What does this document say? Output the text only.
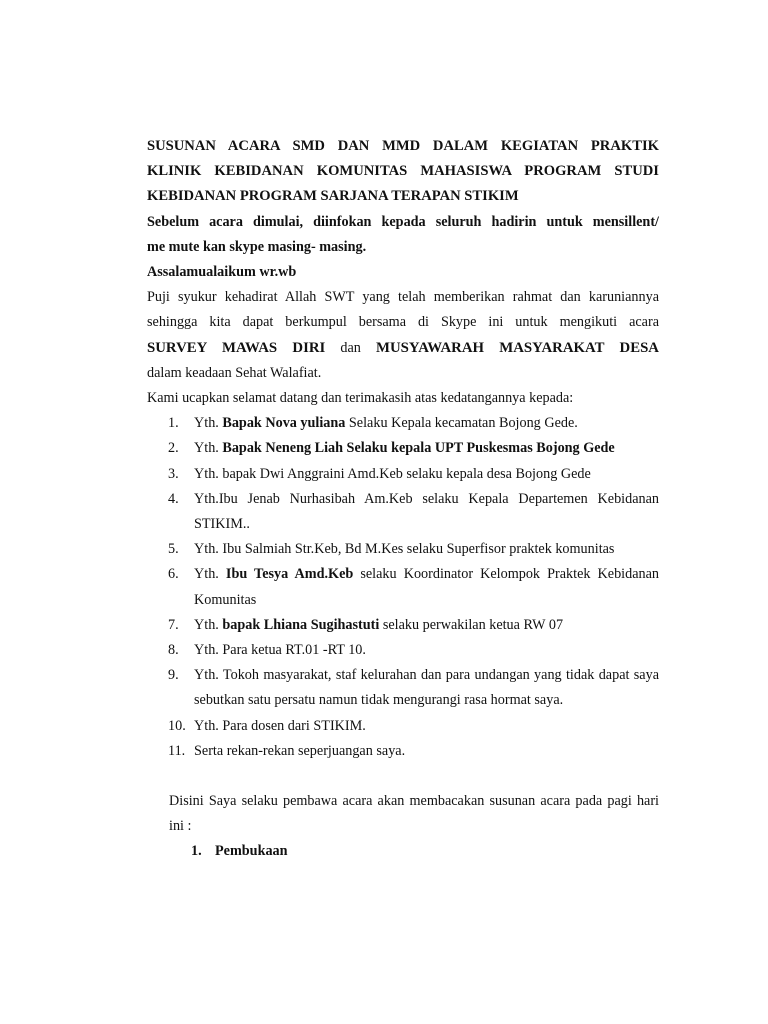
SUSUNAN ACARA SMD DAN MMD DALAM KEGIATAN PRAKTIK
KLINIK KEBIDANAN KOMUNITAS MAHASISWA PROGRAM STUDI
KEBIDANAN PROGRAM SARJANA TERAPAN STIKIM

Sebelum acara dimulai, diinfokan kepada seluruh hadirin untuk mensillent/
me mute kan skype masing- masing.

Assalamualaikum wr.wb

Puji syukur kehadirat Allah SWT yang telah memberikan rahmat dan karuniannya
sehingga kita dapat berkumpul bersama di Skype ini untuk mengikuti acara
SURVEY MAWAS DIRI dan MUSYAWARAH MASYARAKAT DESA
dalam keadaan Sehat Walafiat.

Kami ucapkan selamat datang dan terimakasih atas kedatangannya kepada:

1. Yth. Bapak Nova yuliana Selaku Kepala kecamatan Bojong Gede.
2. Yth. Bapak Neneng Liah Selaku kepala UPT Puskesmas Bojong Gede
3. Yth. bapak Dwi Anggraini Amd.Keb selaku kepala desa Bojong Gede
4. Yth.Ibu Jenab Nurhasibah Am.Keb selaku Kepala Departemen Kebidanan STIKIM..
5. Yth. Ibu Salmiah Str.Keb, Bd M.Kes selaku Superfisor praktek komunitas
6. Yth. Ibu Tesya Amd.Keb selaku Koordinator Kelompok Praktek Kebidanan Komunitas
7. Yth. bapak Lhiana Sugihastuti selaku perwakilan ketua RW 07
8. Yth. Para ketua RT.01 -RT 10.
9. Yth. Tokoh masyarakat, staf kelurahan dan para undangan yang tidak dapat saya sebutkan satu persatu namun tidak mengurangi rasa hormat saya.
10. Yth. Para dosen dari STIKIM.
11. Serta rekan-rekan seperjuangan saya.

Disini Saya selaku pembawa acara akan membacakan susunan acara pada pagi hari ini :

1. Pembukaan
